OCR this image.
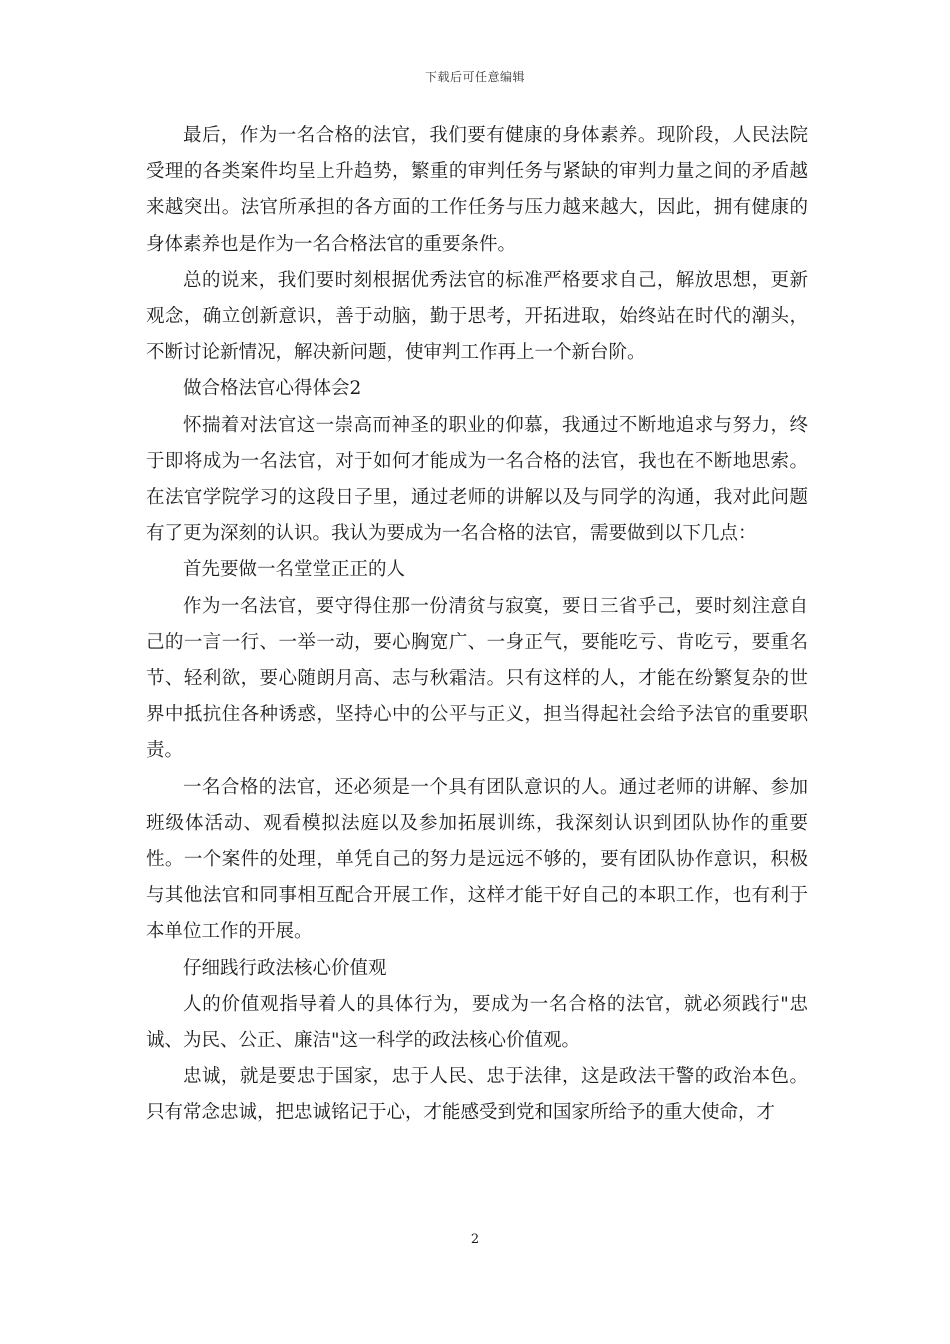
下载后可任意编辑

最后，作为一名合格的法官，我们要有健康的身体素养。现阶段，人民法院受理的各类案件均呈上升趋势，繁重的审判任务与紧缺的审判力量之间的矛盾越来越突出。法官所承担的各方面的工作任务与压力越来越大，因此，拥有健康的身体素养也是作为一名合格法官的重要条件。

总的说来，我们要时刻根据优秀法官的标准严格要求自己，解放思想，更新观念，确立创新意识，善于动脑，勤于思考，开拓进取，始终站在时代的潮头，不断讨论新情况，解决新问题，使审判工作再上一个新台阶。

做合格法官心得体会2

怀揣着对法官这一崇高而神圣的职业的仰慕，我通过不断地追求与努力，终于即将成为一名法官，对于如何才能成为一名合格的法官，我也在不断地思索。在法官学院学习的这段日子里，通过老师的讲解以及与同学的沟通，我对此问题有了更为深刻的认识。我认为要成为一名合格的法官，需要做到以下几点：

首先要做一名堂堂正正的人

作为一名法官，要守得住那一份清贫与寂寞，要日三省乎己，要时刻注意自己的一言一行、一举一动，要心胸宽广、一身正气，要能吃亏、肯吃亏，要重名节、轻利欲，要心随朗月高、志与秋霜洁。只有这样的人，才能在纷繁复杂的世界中抵抗住各种诱惑，坚持心中的公平与正义，担当得起社会给予法官的重要职责。

一名合格的法官，还必须是一个具有团队意识的人。通过老师的讲解、参加班级体活动、观看模拟法庭以及参加拓展训练，我深刻认识到团队协作的重要性。一个案件的处理，单凭自己的努力是远远不够的，要有团队协作意识，积极与其他法官和同事相互配合开展工作，这样才能干好自己的本职工作，也有利于本单位工作的开展。

仔细践行政法核心价值观

人的价值观指导着人的具体行为，要成为一名合格的法官，就必须践行"忠诚、为民、公正、廉洁"这一科学的政法核心价值观。

忠诚，就是要忠于国家，忠于人民、忠于法律，这是政法干警的政治本色。只有常念忠诚，把忠诚铭记于心，才能感受到党和国家所给予的重大使命，才

2
